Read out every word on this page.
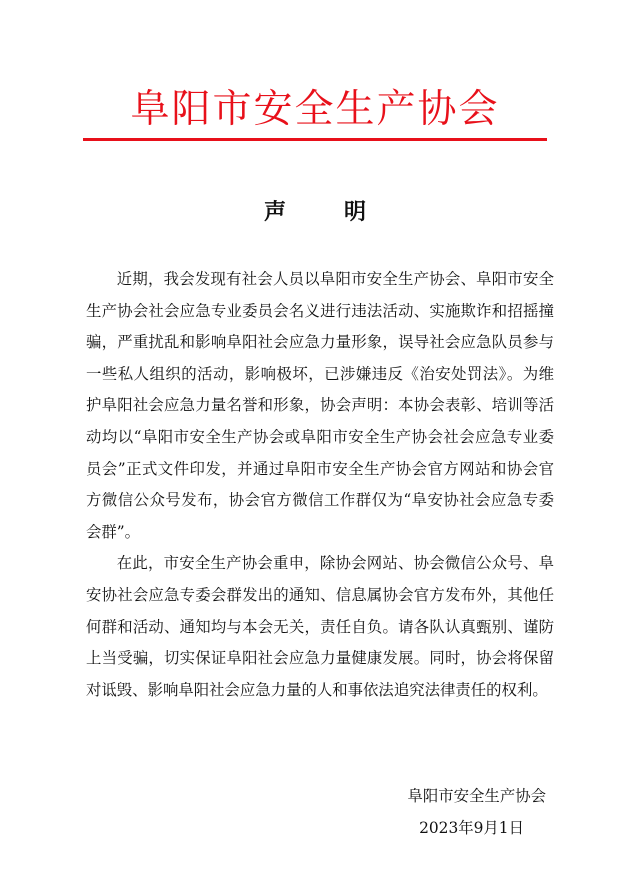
阜阳市安全生产协会
声	明

近期，我会发现有社会人员以阜阳市安全生产协会、阜阳市安全生产协会社会应急专业委员会名义进行违法活动、实施欺诈和招摇撞骗，严重扰乱和影响阜阳社会应急力量形象，误导社会应急队员参与一些私人组织的活动，影响极坏，已涉嫌违反《治安处罚法》。为维护阜阳社会应急力量名誉和形象，协会声明：本协会表彰、培训等活动均以“阜阳市安全生产协会或阜阳市安全生产协会社会应急专业委员会”正式文件印发，并通过阜阳市安全生产协会官方网站和协会官方微信公众号发布，协会官方微信工作群仅为“阜安协社会应急专委会群”。

在此，市安全生产协会重申，除协会网站、协会微信公众号、阜安协社会应急专委会群发出的通知、信息属协会官方发布外，其他任何群和活动、通知均与本会无关，责任自负。请各队认真甄别、谨防上当受骗，切实保证阜阳社会应急力量健康发展。同时，协会将保留对诋毁、影响阜阳社会应急力量的人和事依法追究法律责任的权利。

阜阳市安全生产协会
2023年9月1日
